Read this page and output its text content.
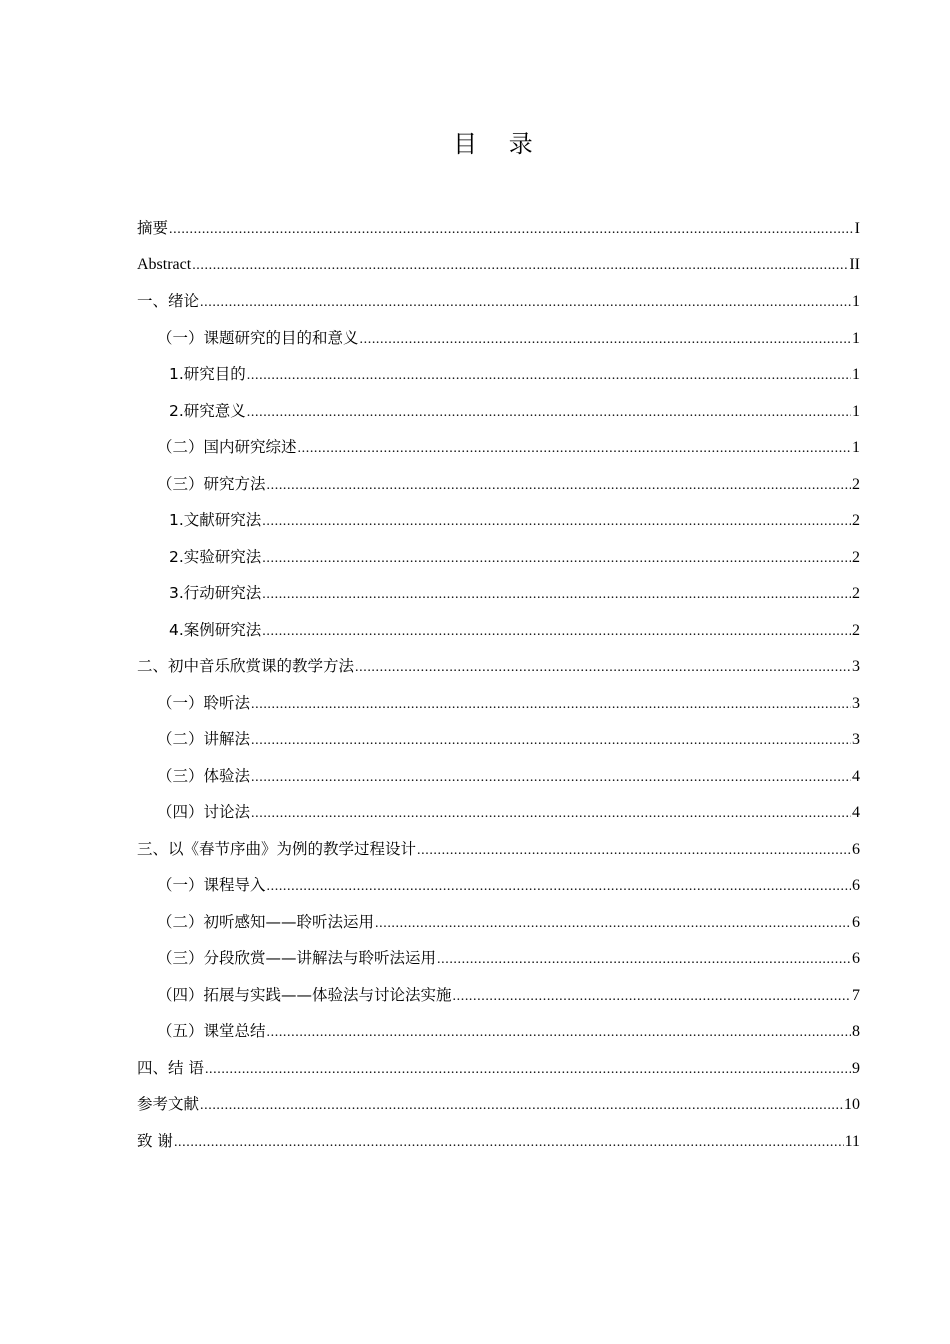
目 录
摘要 .....	I
Abstract .....	II
一、绪论 .....	1
（一）课题研究的目的和意义 .....	1
1.研究目的 .....	1
2.研究意义 .....	1
（二）国内研究综述 .....	1
（三）研究方法 .....	2
1.文献研究法 .....	2
2.实验研究法 .....	2
3.行动研究法 .....	2
4.案例研究法 .....	2
二、初中音乐欣赏课的教学方法 .....	3
（一）聆听法 .....	3
（二）讲解法 .....	3
（三）体验法 .....	4
（四）讨论法 .....	4
三、以《春节序曲》为例的教学过程设计 .....	6
（一）课程导入 .....	6
（二）初听感知——聆听法运用 .....	6
（三）分段欣赏——讲解法与聆听法运用 .....	6
（四）拓展与实践——体验法与讨论法实施 .....	7
（五）课堂总结 .....	8
四、结 语 .....	9
参考文献 .....	10
致 谢 .....	11
